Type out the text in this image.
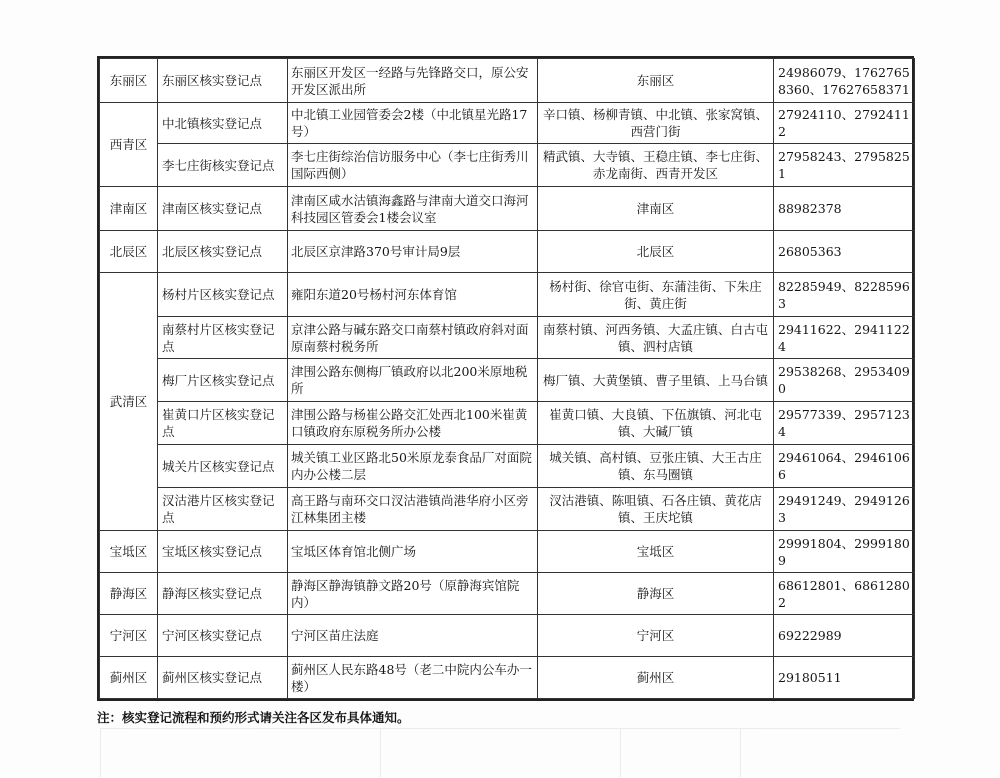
东丽区	东丽区核实登记点	东丽区开发区一经路与先锋路交口，原公安开发区派出所	东丽区	24986079、17627658360、17627658371
西青区	中北镇核实登记点	中北镇工业园管委会2楼（中北镇星光路17号）	辛口镇、杨柳青镇、中北镇、张家窝镇、西营门街	27924110、27924112
	李七庄街核实登记点	李七庄街综治信访服务中心（李七庄街秀川国际西侧）	精武镇、大寺镇、王稳庄镇、李七庄街、赤龙南街、西青开发区	27958243、27958251
津南区	津南区核实登记点	津南区咸水沽镇海鑫路与津南大道交口海河科技园区管委会1楼会议室	津南区	88982378
北辰区	北辰区核实登记点	北辰区京津路370号审计局9层	北辰区	26805363
武清区	杨村片区核实登记点	雍阳东道20号杨村河东体育馆	杨村街、徐官屯街、东蒲洼街、下朱庄街、黄庄街	82285949、82285963
	南蔡村片区核实登记点	京津公路与碱东路交口南蔡村镇政府斜对面原南蔡村税务所	南蔡村镇、河西务镇、大孟庄镇、白古屯镇、泗村店镇	29411622、29411224
	梅厂片区核实登记点	津围公路东侧梅厂镇政府以北200米原地税所	梅厂镇、大黄堡镇、曹子里镇、上马台镇	29538268、29534090
	崔黄口片区核实登记点	津围公路与杨崔公路交汇处西北100米崔黄口镇政府东原税务所办公楼	崔黄口镇、大良镇、下伍旗镇、河北屯镇、大碱厂镇	29577339、29571234
	城关片区核实登记点	城关镇工业区路北50米原龙泰食品厂对面院内办公楼二层	城关镇、高村镇、豆张庄镇、大王古庄镇、东马圈镇	29461064、29461066
	汊沽港片区核实登记点	高王路与南环交口汊沽港镇尚港华府小区旁江林集团主楼	汊沽港镇、陈咀镇、石各庄镇、黄花店镇、王庆坨镇	29491249、29491263
宝坻区	宝坻区核实登记点	宝坻区体育馆北侧广场	宝坻区	29991804、29991809
静海区	静海区核实登记点	静海区静海镇静文路20号（原静海宾馆院内）	静海区	68612801、68612802
宁河区	宁河区核实登记点	宁河区苗庄法庭	宁河区	69222989
蓟州区	蓟州区核实登记点	蓟州区人民东路48号（老二中院内公车办一楼）	蓟州区	29180511
注：核实登记流程和预约形式请关注各区发布具体通知。
